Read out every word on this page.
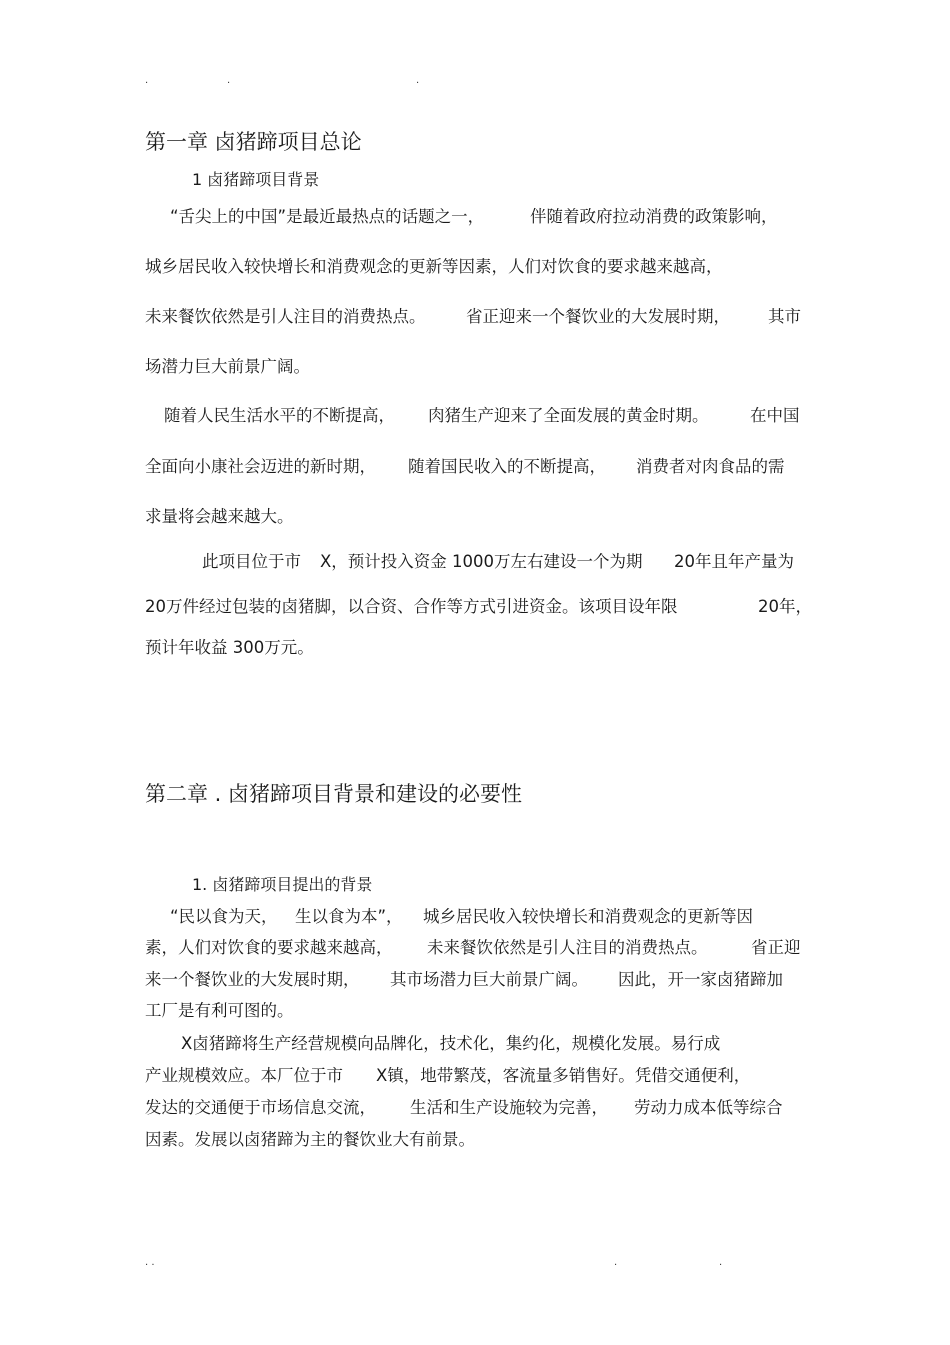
.	.	.
第一章 卤猪蹄项目总论
1 卤猪蹄项目背景
“舌尖上的中国”是最近最热点的话题之一，	伴随着政府拉动消费的政策影响，
城乡居民收入较快增长和消费观念的更新等因素，人们对饮食的要求越来越高，
未来餐饮依然是引人注目的消费热点。 省正迎来一个餐饮业的大发展时期， 其市
场潜力巨大前景广阔。
随着人民生活水平的不断提高， 肉猪生产迎来了全面发展的黄金时期。	在中国
全面向小康社会迈进的新时期， 随着国民收入的不断提高， 消费者对肉食品的需
求量将会越来越大。
此项目位于市 X，预计投入资金 1000万左右建设一个为期 20年且年产量为
20万件经过包装的卤猪脚，以合资、合作等方式引进资金。该项目设年限	20年，
预计年收益 300万元。
第二章 . 卤猪蹄项目背景和建设的必要性
1. 卤猪蹄项目提出的背景
“民以食为天， 生以食为本”， 城乡居民收入较快增长和消费观念的更新等因
素，人们对饮食的要求越来越高， 未来餐饮依然是引人注目的消费热点。	省正迎
来一个餐饮业的大发展时期， 其市场潜力巨大前景广阔。 因此，开一家卤猪蹄加
工厂是有利可图的。
X卤猪蹄将生产经营规模向品牌化，技术化，集约化，规模化发展。易行成
产业规模效应。本厂位于市 X镇，地带繁茂，客流量多销售好。凭借交通便利，
发达的交通便于市场信息交流， 生活和生产设施较为完善， 劳动力成本低等综合
因素。发展以卤猪蹄为主的餐饮业大有前景。
. .	.	.
